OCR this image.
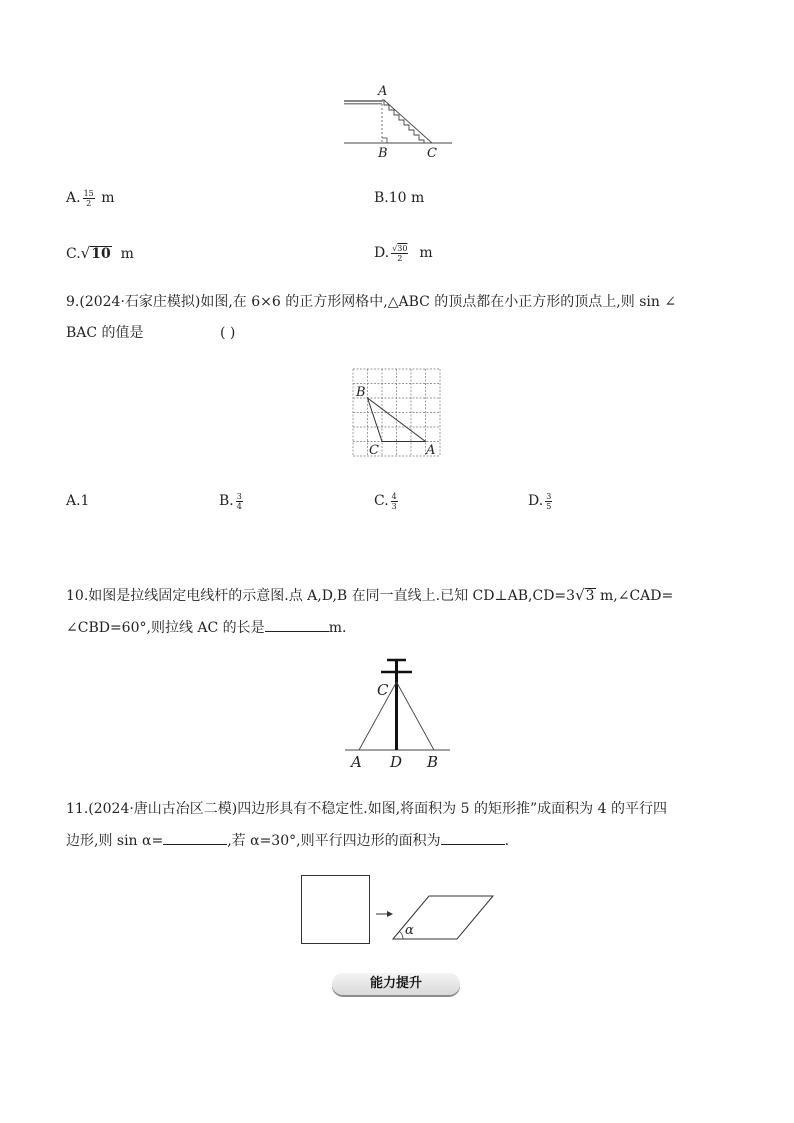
A
B	C
A. $\frac{15}{2}$ m	B.10 m
C.√10 m	D. $\frac{√30}{2}$ m
9.(2024·石家庄模拟)如图,在 6×6 的正方形网格中,△ABC 的顶点都在小正方形的顶点上,则 sin ∠
BAC 的值是	( )
B
C	A
A.1	B. $\frac{3}{4}$	C. $\frac{4}{3}$	D. $\frac{3}{5}$
10.如图是拉线固定电线杆的示意图.点 A,D,B 在同一直线上.已知 CD⊥AB,CD=3√3 m,∠CAD=
∠CBD=60°,则拉线 AC 的长是	m.
C
A D B
11.(2024·唐山古冶区二模)四边形具有不稳定性.如图,将面积为 5 的矩形推”成面积为 4 的平行四
边形,则 sin α=	,若 α=30°,则平行四边形的面积为	.
α
能力提升
